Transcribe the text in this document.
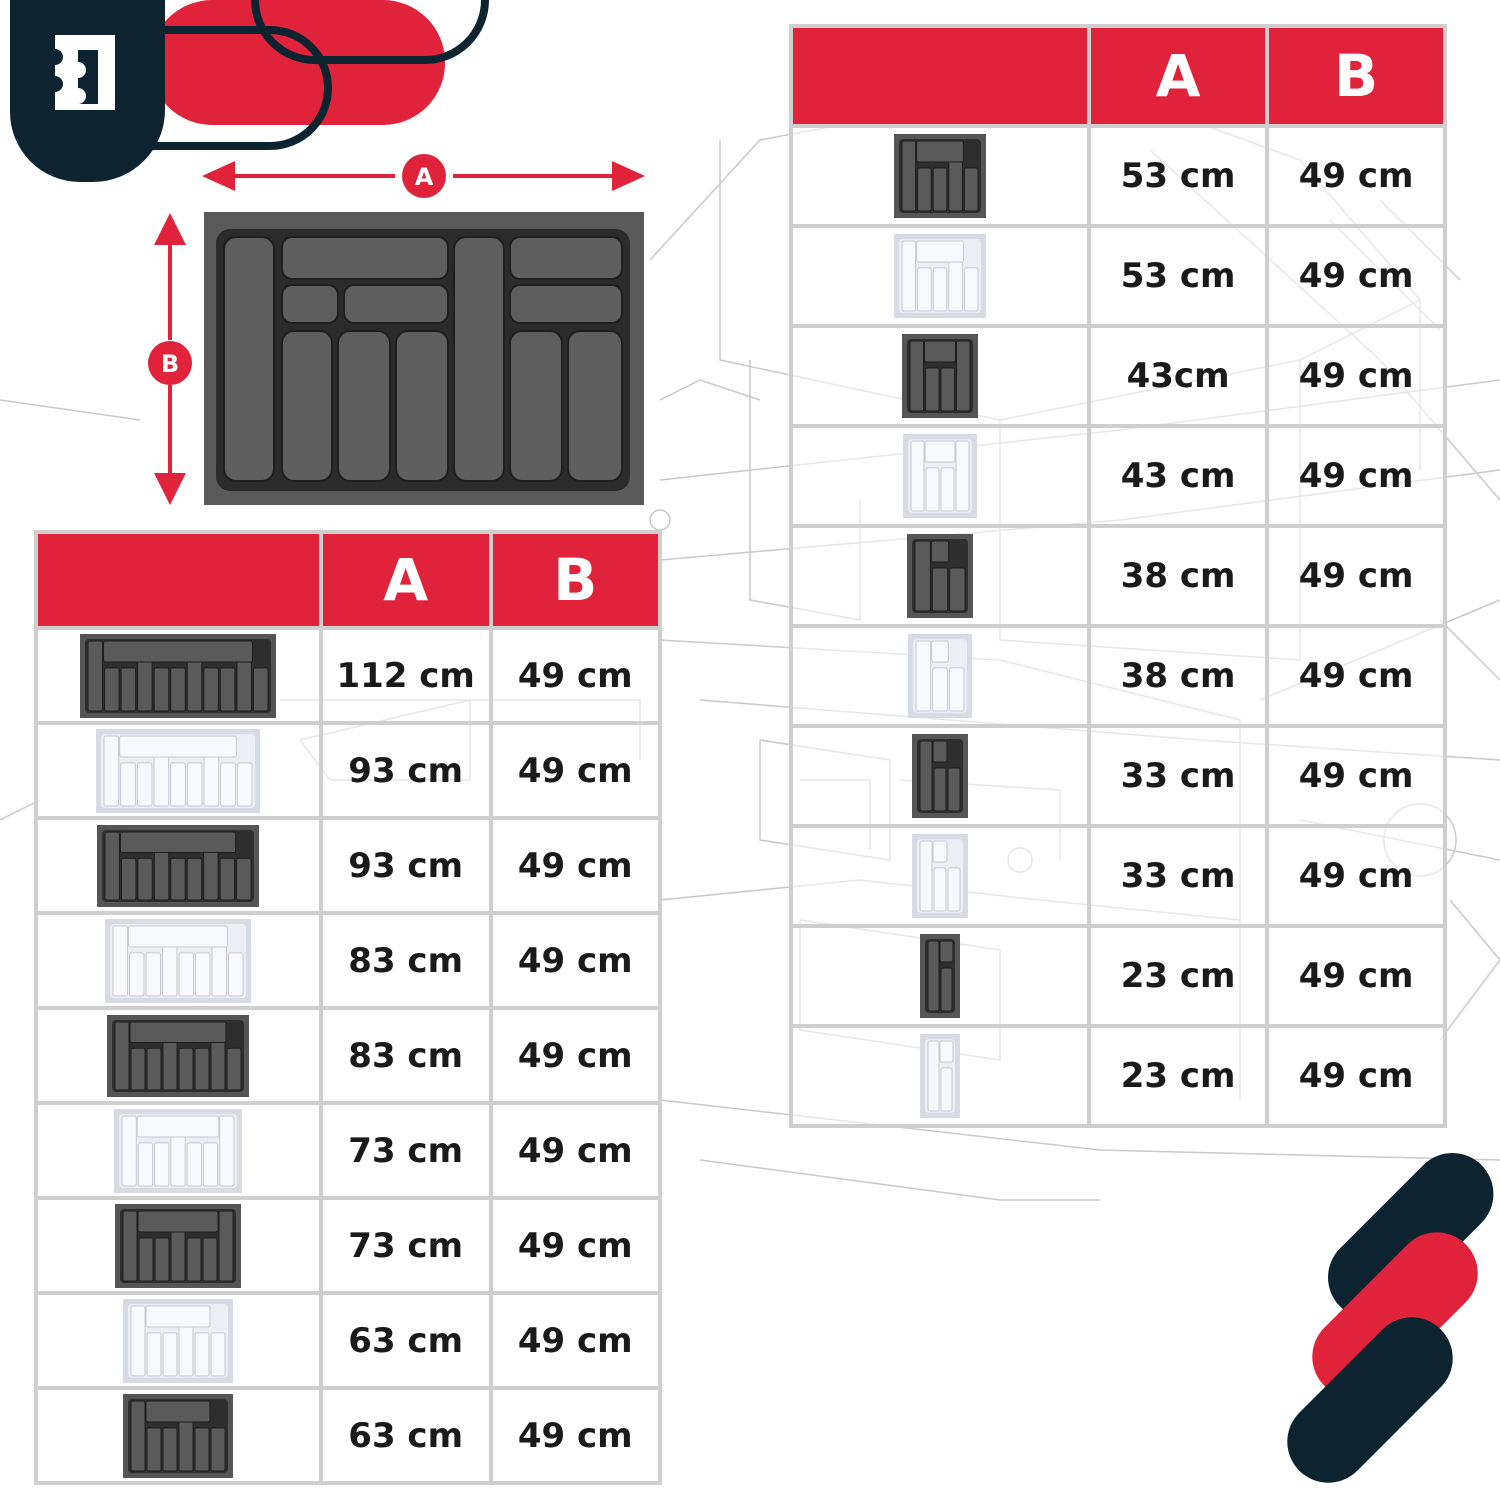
A
B
	A	B

	112 cm	49 cm

	93 cm	49 cm

	93 cm	49 cm

	83 cm	49 cm

	83 cm	49 cm

	73 cm	49 cm

	73 cm	49 cm

	63 cm	49 cm

	63 cm	49 cm
	A	B

	53 cm	49 cm

	53 cm	49 cm

	43cm	49 cm

	43 cm	49 cm

	38 cm	49 cm

	38 cm	49 cm

	33 cm	49 cm

	33 cm	49 cm

	23 cm	49 cm

	23 cm	49 cm
